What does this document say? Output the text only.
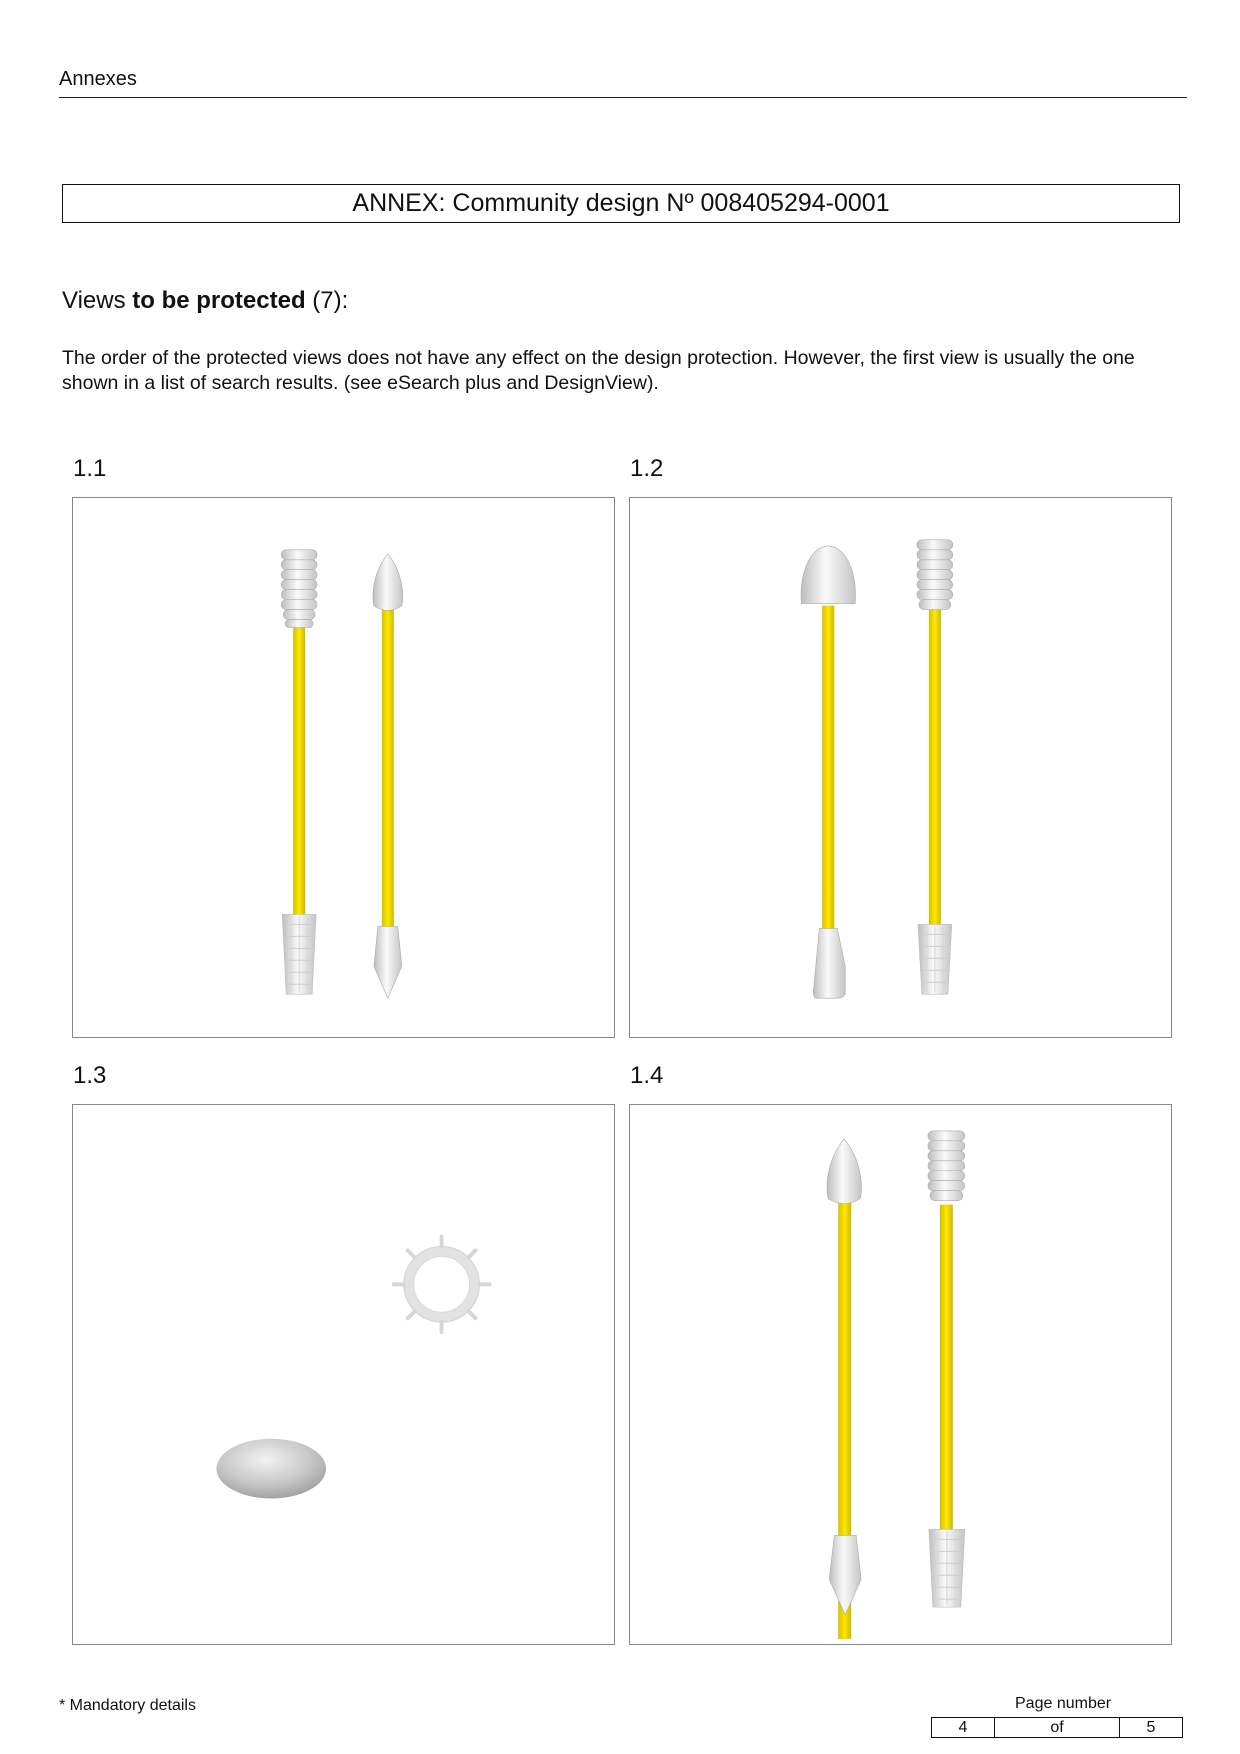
Annexes
ANNEX: Community design Nº 008405294-0001
Views to be protected (7):
The order of the protected views does not have any effect on the design protection. However, the first view is usually the one shown in a list of search results. (see eSearch plus and DesignView).
1.1	1.2
1.3	1.4
* Mandatory details	Page number
4	of	5
